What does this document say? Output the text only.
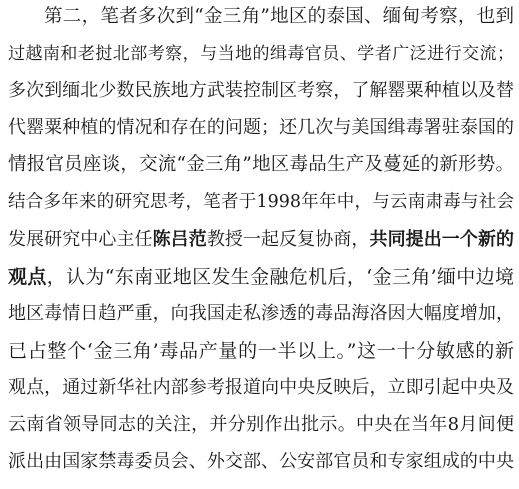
第二，笔者多次到“金三角”地区的泰国、缅甸考察，也到
过越南和老挝北部考察，与当地的缉毒官员、学者广泛进行交流；
多次到缅北少数民族地方武装控制区考察，了解罂粟种植以及替
代罂粟种植的情况和存在的问题；还几次与美国缉毒署驻泰国的
情报官员座谈，交流“金三角”地区毒品生产及蔓延的新形势。
结合多年来的研究思考，笔者于1998年年中，与云南肃毒与社会
发展研究中心主任陈吕范教授一起反复协商，共同提出一个新的
观点，认为“东南亚地区发生金融危机后，‘金三角’缅中边境
地区毒情日趋严重，向我国走私渗透的毒品海洛因大幅度增加，
已占整个‘金三角’毒品产量的一半以上。”这一十分敏感的新
观点，通过新华社内部参考报道向中央反映后，立即引起中央及
云南省领导同志的关注，并分别作出批示。中央在当年8月间便
派出由国家禁毒委员会、外交部、公安部官员和专家组成的中央
